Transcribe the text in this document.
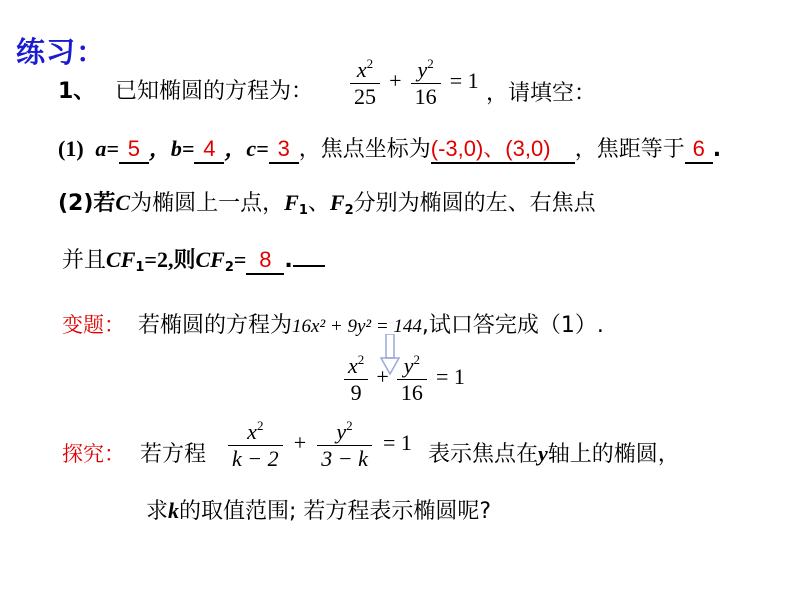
练习：
1、 已知椭圆的方程为： $\frac{x^2}{25} + \frac{y^2}{16} = 1$
，请填空：
(1) a= 5 ，b= 4 ，c= 3 ，焦点坐标为(-3,0)、(3,0) ，焦距等于 6 .
(2)若C为椭圆上一点，$F_1$、$F_2$分别为椭圆的左、右焦点
并且$CF_1=2$,则$CF_2= 8$ .
变题： 若椭圆的方程为16x² + 9y² = 144,试口答完成（1）.
$\frac{x^2}{9} + \frac{y^2}{16} = 1$
探究： 若方程 $\frac{x^2}{k - 2} + \frac{y^2}{3 - k} = 1$ 表示焦点在y轴上的椭圆，
求k的取值范围; 若方程表示椭圆呢?
